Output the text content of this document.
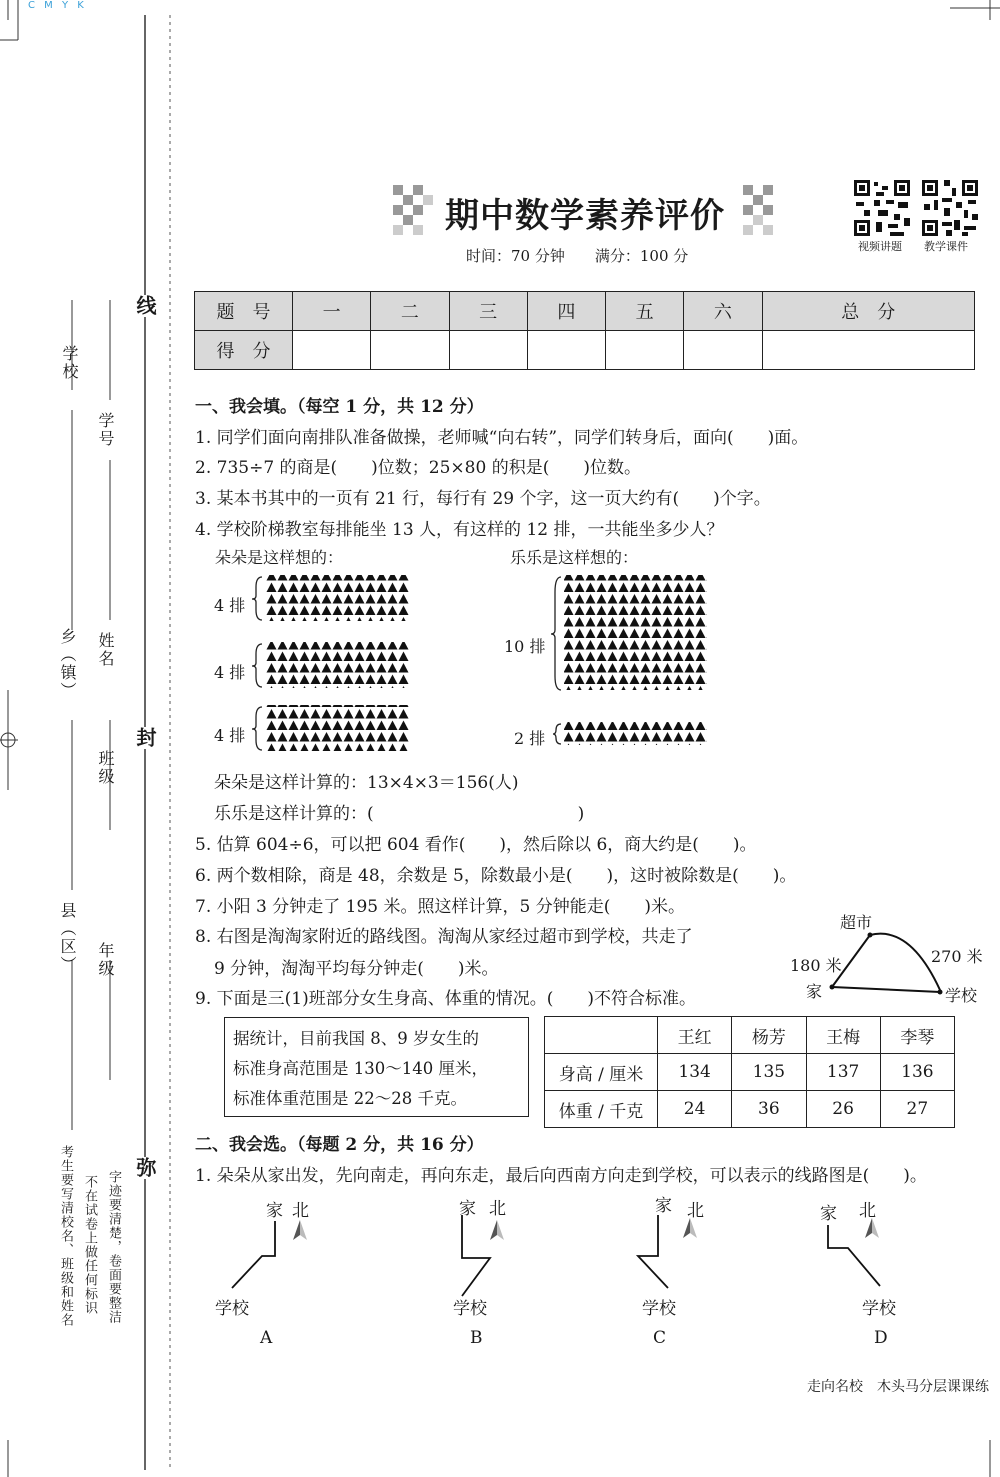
C M Y K
线
封
弥
学校
学号
乡（镇） 姓名
班级
县（区） 年级
考生要写清校名、班级和姓名 不在试卷上做任何标识 字迹要清楚，卷面要整洁
期中数学素养评价
时间：70 分钟　　满分：100 分
视频讲题 教学课件
题　号	一	二	三	四	五	六	总　分
得　分							
一、我会填。（每空 1 分，共 12 分）
1. 同学们面向南排队准备做操，老师喊“向右转”，同学们转身后，面向(　　)面。
2. 735÷7 的商是(　　)位数；25×80 的积是(　　)位数。
3. 某本书其中的一页有 21 行，每行有 29 个字，这一页大约有(　　)个字。
4. 学校阶梯教室每排能坐 13 人，有这样的 12 排，一共能坐多少人？
朵朵是这样想的：	乐乐是这样想的：
4 排
4 排
4 排
10 排
2 排
朵朵是这样计算的：13×4×3＝156(人)
乐乐是这样计算的：(　　　　　　　　　　　　)
5. 估算 604÷6，可以把 604 看作(　　)，然后除以 6，商大约是(　　)。
6. 两个数相除，商是 48，余数是 5，除数最小是(　　)，这时被除数是(　　)。
7. 小阳 3 分钟走了 195 米。照这样计算，5 分钟能走(　　)米。
8. 右图是淘淘家附近的路线图。淘淘从家经过超市到学校，共走了
9 分钟，淘淘平均每分钟走(　　)米。
超市
家	学校
180 米	270 米
9. 下面是三(1)班部分女生身高、体重的情况。(　　)不符合标准。
据统计，目前我国 8、9 岁女生的
标准身高范围是 130～140 厘米，
标准体重范围是 22～28 千克。
	王红	杨芳	王梅	李琴
身高 / 厘米	134	135	137	136
体重 / 千克	24	36	26	27
二、我会选。（每题 2 分，共 16 分）
1. 朵朵从家出发，先向南走，再向东走，最后向西南方向走到学校，可以表示的线路图是(　　)。
家 北
学校
A
家 北
学校
B
家 北
学校
C
家 北
学校
D
走向名校　木头马分层课课练
